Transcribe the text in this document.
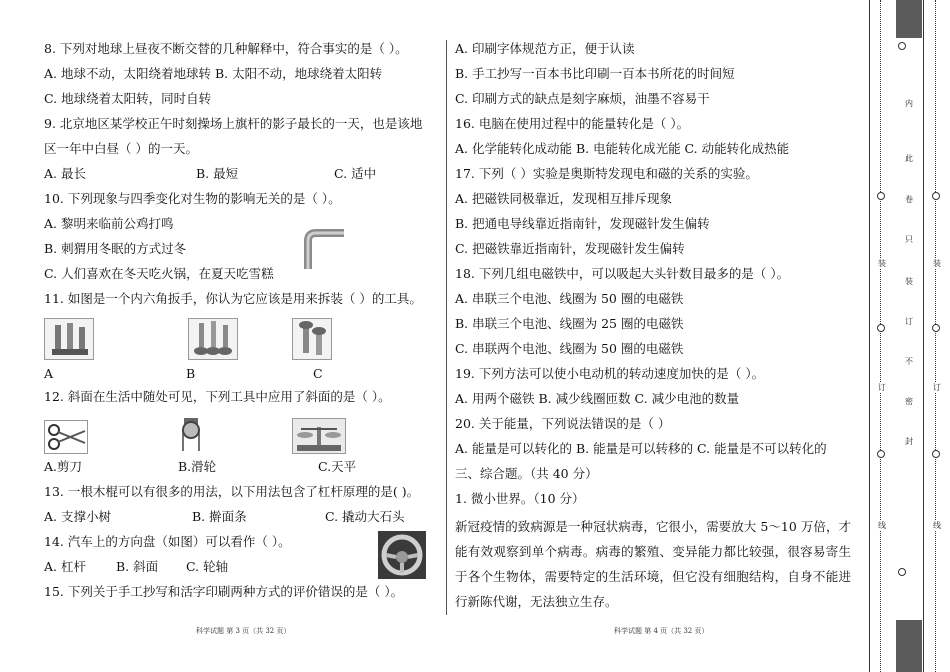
8. 下列对地球上昼夜不断交替的几种解释中，符合事实的是（ ）。
A. 地球不动，太阳绕着地球转 B. 太阳不动，地球绕着太阳转
C. 地球绕着太阳转，同时自转
9. 北京地区某学校正午时刻操场上旗杆的影子最长的一天，也是该地
区一年中白昼（ ）的一天。
A. 最长	B. 最短	C. 适中
10. 下列现象与四季变化对生物的影响无关的是（ ）。
A. 黎明来临前公鸡打鸣
B. 刺猬用冬眠的方式过冬
C. 人们喜欢在冬天吃火锅，在夏天吃雪糕
11. 如图是一个内六角扳手，你认为它应该是用来拆装（ ）的工具。
A	B	C
12. 斜面在生活中随处可见，下列工具中应用了斜面的是（ ）。
A.剪刀	B.滑轮	C.天平
13. 一根木棍可以有很多的用法，以下用法包含了杠杆原理的是( )。
A. 支撑小树	B. 擀面条	C. 撬动大石头
14. 汽车上的方向盘（如图）可以看作（ ）。
A. 杠杆 B. 斜面 C. 轮轴
15. 下列关于手工抄写和活字印刷两种方式的评价错误的是（ ）。
科学试题 第 3 页（共 32 页）
A. 印刷字体规范方正，便于认读
B. 手工抄写一百本书比印刷一百本书所花的时间短
C. 印刷方式的缺点是刻字麻烦，油墨不容易干
16. 电脑在使用过程中的能量转化是（ ）。
A. 化学能转化成动能 B. 电能转化成光能 C. 动能转化成热能
17. 下列（ ）实验是奥斯特发现电和磁的关系的实验。
A. 把磁铁同极靠近，发现相互排斥现象
B. 把通电导线靠近指南针，发现磁针发生偏转
C. 把磁铁靠近指南针，发现磁针发生偏转
18. 下列几组电磁铁中，可以吸起大头针数目最多的是（ ）。
A. 串联三个电池、线圈为 50 圈的电磁铁
B. 串联三个电池、线圈为 25 圈的电磁铁
C. 串联两个电池、线圈为 50 圈的电磁铁
19. 下列方法可以使小电动机的转动速度加快的是（ ）。
A. 用两个磁铁 B. 减少线圈匝数 C. 减少电池的数量
20. 关于能量，下列说法错误的是（ ）
A. 能量是可以转化的 B. 能量是可以转移的 C. 能量是不可以转化的
三、综合题。（共 40 分）
1. 微小世界。（10 分）
新冠疫情的致病源是一种冠状病毒，它很小，需要放大 5～10 万倍，才能有效观察到单个病毒。病毒的繁殖、变异能力都比较强，很容易寄生于各个生物体，需要特定的生活环境，但它没有细胞结构，自身不能进行新陈代谢，无法独立生存。
科学试题 第 4 页（共 32 页）
内
此
卷
只
装
订
不
密
封
装
订
线
装
订
线
